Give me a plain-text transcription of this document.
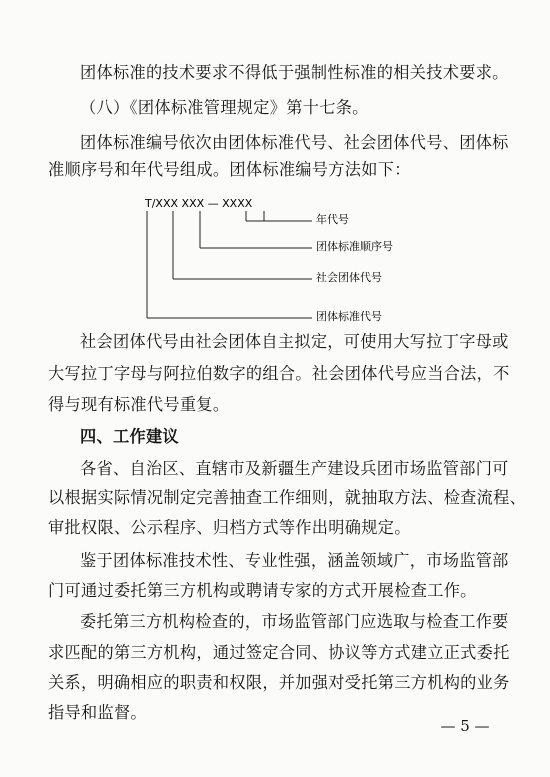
团体标准的技术要求不得低于强制性标准的相关技术要求。
（八）《团体标准管理规定》第十七条。
团体标准编号依次由团体标准代号、社会团体代号、团体标
准顺序号和年代号组成。团体标准编号方法如下：
T/XXX XXX — XXXX
年代号
团体标准顺序号
社会团体代号
团体标准代号
社会团体代号由社会团体自主拟定，可使用大写拉丁字母或
大写拉丁字母与阿拉伯数字的组合。社会团体代号应当合法，不
得与现有标准代号重复。
四、工作建议
各省、自治区、直辖市及新疆生产建设兵团市场监管部门可
以根据实际情况制定完善抽查工作细则，就抽取方法、检查流程、
审批权限、公示程序、归档方式等作出明确规定。
鉴于团体标准技术性、专业性强，涵盖领域广，市场监管部
门可通过委托第三方机构或聘请专家的方式开展检查工作。
委托第三方机构检查的，市场监管部门应选取与检查工作要
求匹配的第三方机构，通过签定合同、协议等方式建立正式委托
关系，明确相应的职责和权限，并加强对受托第三方机构的业务
指导和监督。
— 5 —
